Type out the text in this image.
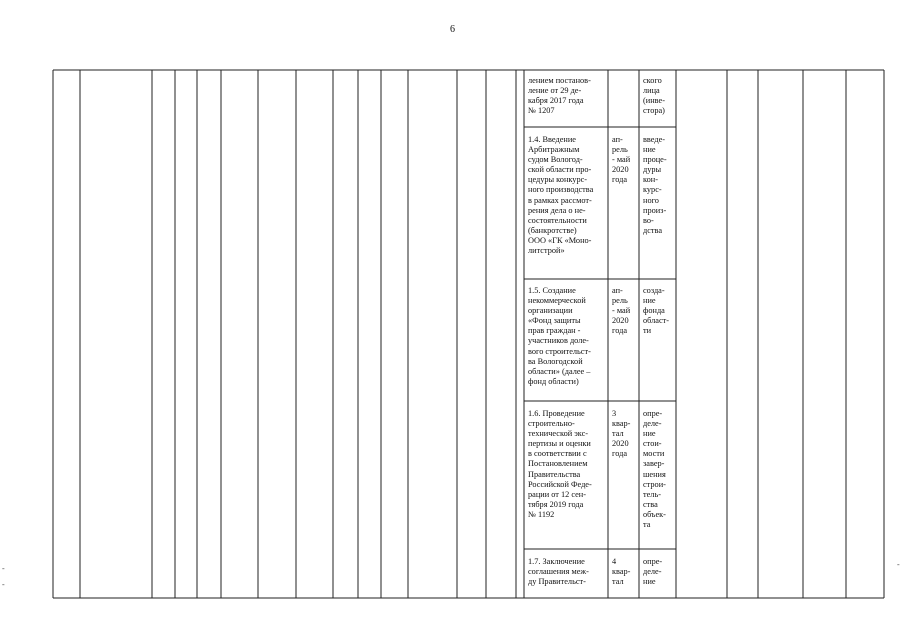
6
лением постанов-
ление от 29 де-
кабря 2017 года
№ 1207
ского
лица
(инве-
стора)
1.4. Введение
Арбитражным
судом Вологод-
ской области про-
цедуры конкурс-
ного производства
в рамках рассмот-
рения дела о не-
состоятельности
(банкротстве)
ООО «ГК «Моно-
литстрой»
ап-
рель
- май
2020
года
введе-
ние
проце-
дуры
кон-
курс-
ного
произ-
во-
дства
1.5. Создание
некоммерческой
организации
«Фонд защиты
прав граждан -
участников доле-
вого строительст-
ва Вологодской
области» (далее –
фонд области)
ап-
рель
- май
2020
года
созда-
ние
фонда
област-
ти
1.6. Проведение
строительно-
технической экс-
пертизы и оценки
в соответствии с
Постановлением
Правительства
Российской Феде-
рации от 12 сен-
тября 2019 года
№ 1192
3
квар-
тал
2020
года
опре-
деле-
ние
стои-
мости
завер-
шения
строи-
тель-
ства
объек-
та
1.7. Заключение
соглашения меж-
ду Правительст-
4
квар-
тал
опре-
деле-
ние
-
-
-
